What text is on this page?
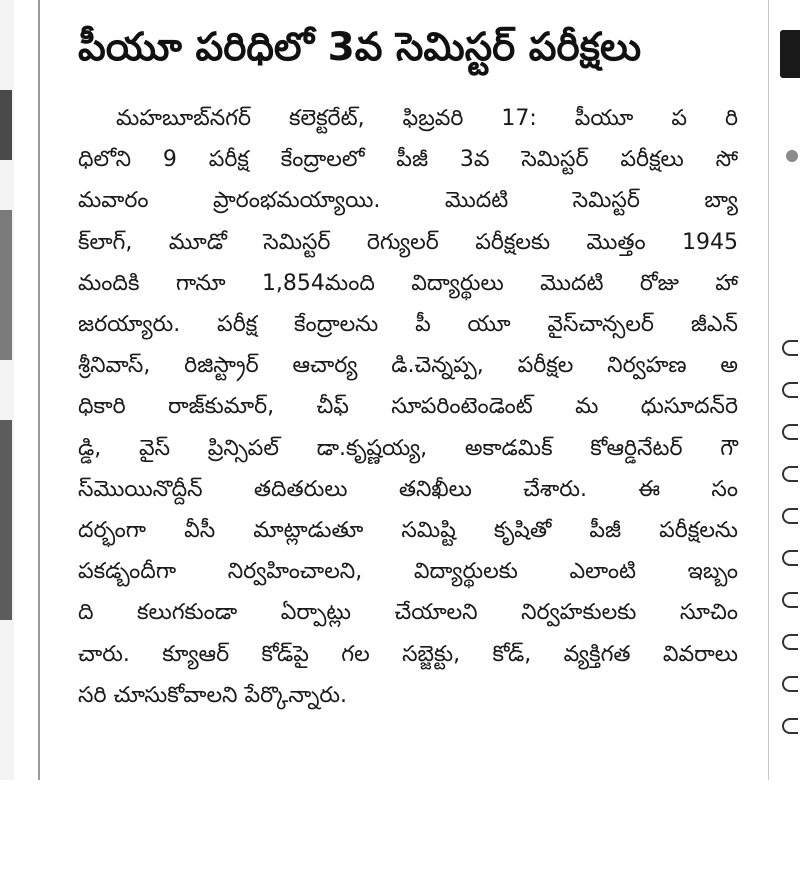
పీయూ పరిధిలో 3వ సెమిస్టర్ పరీక్షలు
మహబూబ్‌నగర్ కలెక్టరేట్, ఫిబ్రవరి 17: పీయూ ప రి
ధిలోని 9 పరీక్ష కేంద్రాలలో పీజీ 3వ సెమిస్టర్ పరీక్షలు సో
మవారం ప్రారంభమయ్యాయి. మొదటి సెమిస్టర్ బ్యా
క్‌లాగ్, మూడో సెమిస్టర్ రెగ్యులర్ పరీక్షలకు మొత్తం 1945
మందికి గానూ 1,854మంది విద్యార్థులు మొదటి రోజు హా
జరయ్యారు. పరీక్ష కేంద్రాలను పీ యూ వైస్‌చాన్సలర్ జీఎన్
శ్రీనివాస్, రిజిస్ట్రార్ ఆచార్య డి.చెన్నప్ప, పరీక్షల నిర్వహణ అ
ధికారి రాజ్‌కుమార్, చీఫ్ సూపరింటెండెంట్ మ ధుసూదన్‌రె
డ్డి, వైస్ ప్రిన్సిపల్ డా.కృష్ణయ్య, అకాడమిక్ కోఆర్డినేటర్ గౌ
స్‌మొయినొద్దీన్ తదితరులు తనిఖీలు చేశారు. ఈ సం
దర్భంగా వీసీ మాట్లాడుతూ సమిష్టి కృషితో పీజీ పరీక్షలను
పకడ్బందీగా నిర్వహించాలని, విద్యార్థులకు ఎలాంటి ఇబ్బం
ది కలుగకుండా ఏర్పాట్లు చేయాలని నిర్వహకులకు సూచిం
చారు. క్యూఆర్ కోడ్‌పై గల సబ్జెక్టు, కోడ్, వ్యక్తిగత వివరాలు
సరి చూసుకోవాలని పేర్కొన్నారు.
